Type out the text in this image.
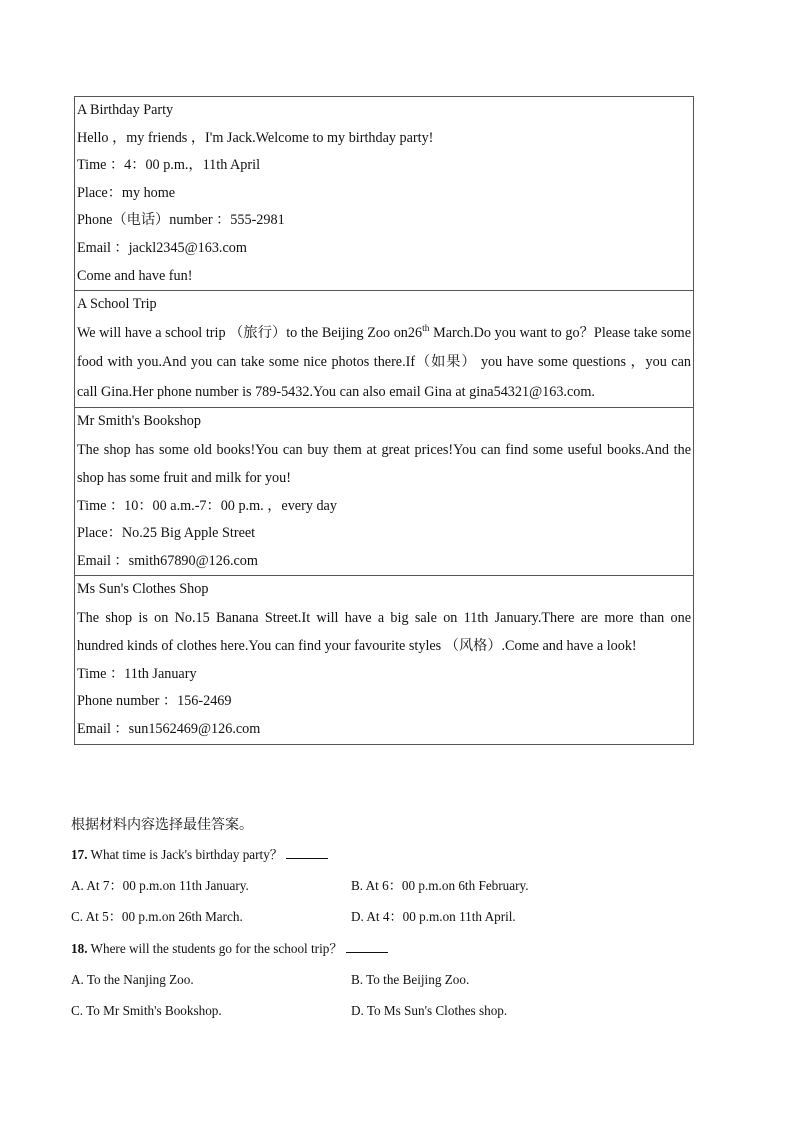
A Birthday Party
Hello ，my friends ，I'm Jack.Welcome to my birthday party!
Time ：4：00 p.m.，11th April
Place：my home
Phone（电话）number ：555-2981
Email ：jackl2345@163.com
Come and have fun!
A School Trip
We will have a school trip （旅行）to the Beijing Zoo on26th March.Do you want to go？Please take some food with you.And you can take some nice photos there.If（如果） you have some questions ，you can call Gina.Her phone number is 789-5432.You can also email Gina at gina54321@163.com.
Mr Smith's Bookshop
The shop has some old books!You can buy them at great prices!You can find some useful books.And the shop has some fruit and milk for you!
Time ：10：00 a.m.-7：00 p.m. ，every day
Place：No.25 Big Apple Street
Email ：smith67890@126.com
Ms Sun's Clothes Shop
The shop is on No.15 Banana Street.It will have a big sale on 11th January.There are more than one hundred kinds of clothes here.You can find your favourite styles （风格）.Come and have a look!
Time ：11th January
Phone number ：156-2469
Email ：sun1562469@126.com
根据材料内容选择最佳答案。
17. What time is Jack's birthday party？
A. At 7：00 p.m.on 11th January.	B. At 6：00 p.m.on 6th February.
C. At 5：00 p.m.on 26th March.	D. At 4：00 p.m.on 11th April.
18. Where will the students go for the school trip？
A. To the Nanjing Zoo.	B. To the Beijing Zoo.
C. To Mr Smith's Bookshop.	D. To Ms Sun's Clothes shop.
